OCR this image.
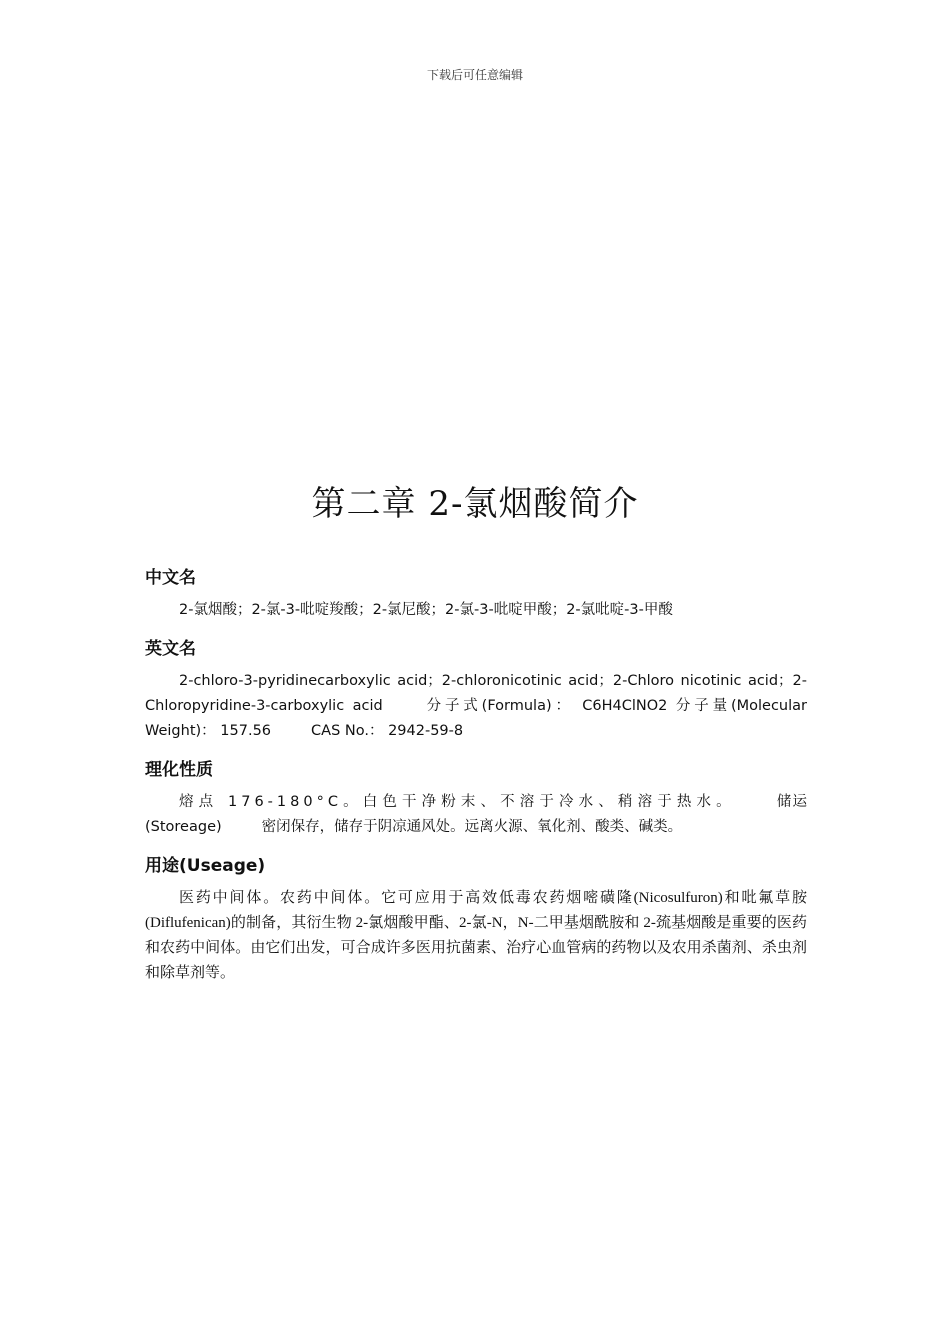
下载后可任意编辑
第二章 2-氯烟酸简介
中文名
2-氯烟酸；2-氯-3-吡啶羧酸；2-氯尼酸；2-氯-3-吡啶甲酸；2-氯吡啶-3-甲酸
英文名
2-chloro-3-pyridinecarboxylic acid；2-chloronicotinic acid；2-Chloro nicotinic acid；2-Chloropyridine-3-carboxylic acid	分子式(Formula)： C6H4ClNO2 分子量(Molecular Weight)： 157.56	CAS No.： 2942-59-8
理化性质
熔点 176-180°C。白色干净粉末、不溶于冷水、稍溶于热水。	储运(Storeage)	密闭保存，储存于阴凉通风处。远离火源、氧化剂、酸类、碱类。
用途(Useage)
医药中间体。农药中间体。它可应用于高效低毒农药烟嘧磺隆(Nicosulfuron)和吡氟草胺(Diflufenican)的制备，其衍生物 2-氯烟酸甲酯、2-氯-N，N-二甲基烟酰胺和 2-巯基烟酸是重要的医药和农药中间体。由它们出发，可合成许多医用抗菌素、治疗心血管病的药物以及农用杀菌剂、杀虫剂和除草剂等。
